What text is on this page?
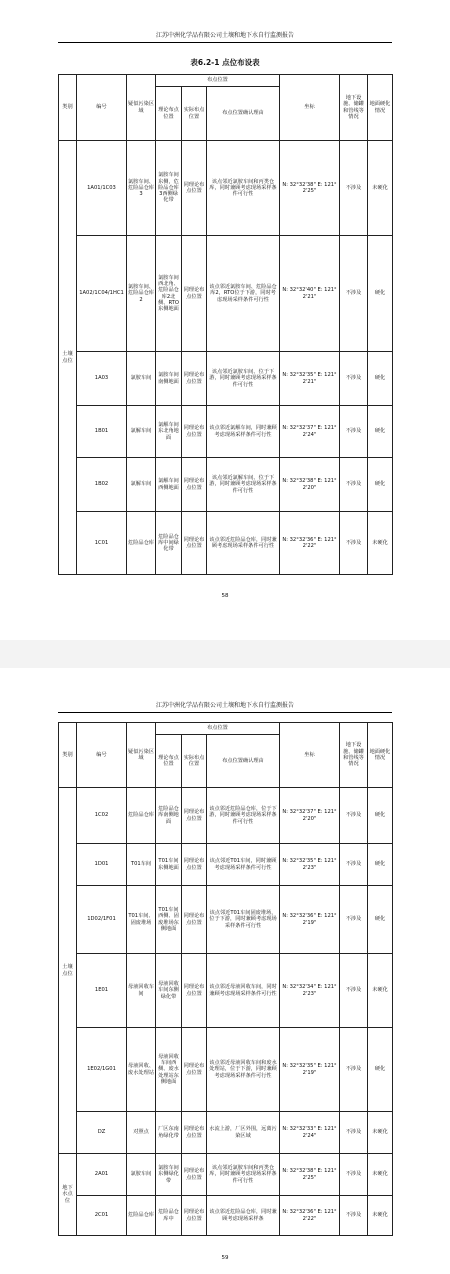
江苏中洲化学品有限公司土壤和地下水自行监测报告
表6.2-1 点位布设表
类别	编号	疑似污染区域	布点位置			坐标	地下设施、储罐和管线等情况	地面硬化情况
			理论布点位置	实际布点位置	布点位置确认理由			
土壤点位	1A01/1C03	氯胺车间、危险品仓库3	氯胺车间东侧，危险品仓库3西侧绿化带	同理论布点位置	该点邻近氯胺车间和丙类仓库，同时兼顾考虑现场采样条件可行性	N: 32°32'38" E: 121°2'25"	不涉及	未硬化
	1A02/1C04/1HC1	氯胺车间、危险品仓库2	氯胺车间西北角、危险品仓库2北侧、RTO东侧地面	同理论布点位置	该点邻近氯胺车间、危险品仓库2，RTO位于下游，同时考虑现场采样条件可行性	N: 32°32'40" E: 121°2'21"	不涉及	硬化
	1A03	氯胺车间	氯胺车间南侧地面	同理论布点位置	该点邻近氯胺车间、位于下游，同时兼顾考虑现场采样条件可行性	N: 32°32'35" E: 121°2'21"	不涉及	硬化
	1B01	氯解车间	氯解车间东北角地面	同理论布点位置	该点邻近氯解车间，同时兼顾考虑现场采样条件可行性	N: 32°32'37" E: 121°2'24"	不涉及	硬化
	1B02	氯解车间	氯解车间西侧地面	同理论布点位置	该点邻近氯解车间、位于下游，同时兼顾考虑现场采样条件可行性	N: 32°32'38" E: 121°2'20"	不涉及	硬化
	1C01	危险品仓库	危险品仓库中间绿化带	同理论布点位置	该点邻近危险品仓库，同时兼顾考虑现场采样条件可行性	N: 32°32'36" E: 121° 2'22"	不涉及	未硬化
58
江苏中洲化学品有限公司土壤和地下水自行监测报告
类别	编号	疑似污染区域	布点位置			坐标	地下设施、储罐和管线等情况	地面硬化情况
			理论布点位置	实际布点位置	布点位置确认理由			
土壤点位	1C02	危险品仓库	危险品仓库南侧地面	同理论布点位置	该点邻近危险品仓库，位于下游，同时兼顾考虑现场采样条件可行性	N: 32°32'37" E: 121°2'20"	不涉及	硬化
	1D01	T01车间	T01车间东侧地面	同理论布点位置	该点邻近T01车间，同时兼顾考虑现场采样条件可行性	N: 32°32'35" E: 121° 2'23"	不涉及	硬化
	1D02/1F01	T01车间、固废堆场	T01车间西侧、固废堆场东侧地面	同理论布点位置	该点邻近T01车间固废堆场，位于下游，同时兼顾考虑现场采样条件可行性	N: 32°32'36" E: 121°2'19"	不涉及	硬化
	1E01	母液回收车间	母液回收车间东侧绿化带	同理论布点位置	该点邻近母液回收车间，同时兼顾考虑现场采样条件可行性	N: 32°32'34" E: 121°2'23"	不涉及	未硬化
	1E02/1G01	母液回收、废水处理站	母液回收车间西侧、废水处理站东侧地面	同理论布点位置	该点邻近母液回收车间和废水处理站，位于下游，同时兼顾考虑现场采样条件可行性	N: 32°32'35" E: 121°2'19"	不涉及	硬化
	DZ	对照点	厂区东南角绿化带	同理论布点位置	水流上游，厂区外围，远离污染区域	N: 32°32'33" E: 121°2'24"	不涉及	未硬化
地下水点位	2A01	氯胺车间	氯胺车间东侧绿化带	同理论布点位置	该点邻近氯胺车间和丙类仓库，同时兼顾考虑现场采样条件可行性	N: 32°32'38" E: 121°2'25"	不涉及	未硬化
	2C01	危险品仓库	危险品仓库中	同理论布点位置	该点邻近危险品仓库，同时兼顾考虑现场采样条	N: 32°32'36" E: 121° 2'22"	不涉及	未硬化
59
